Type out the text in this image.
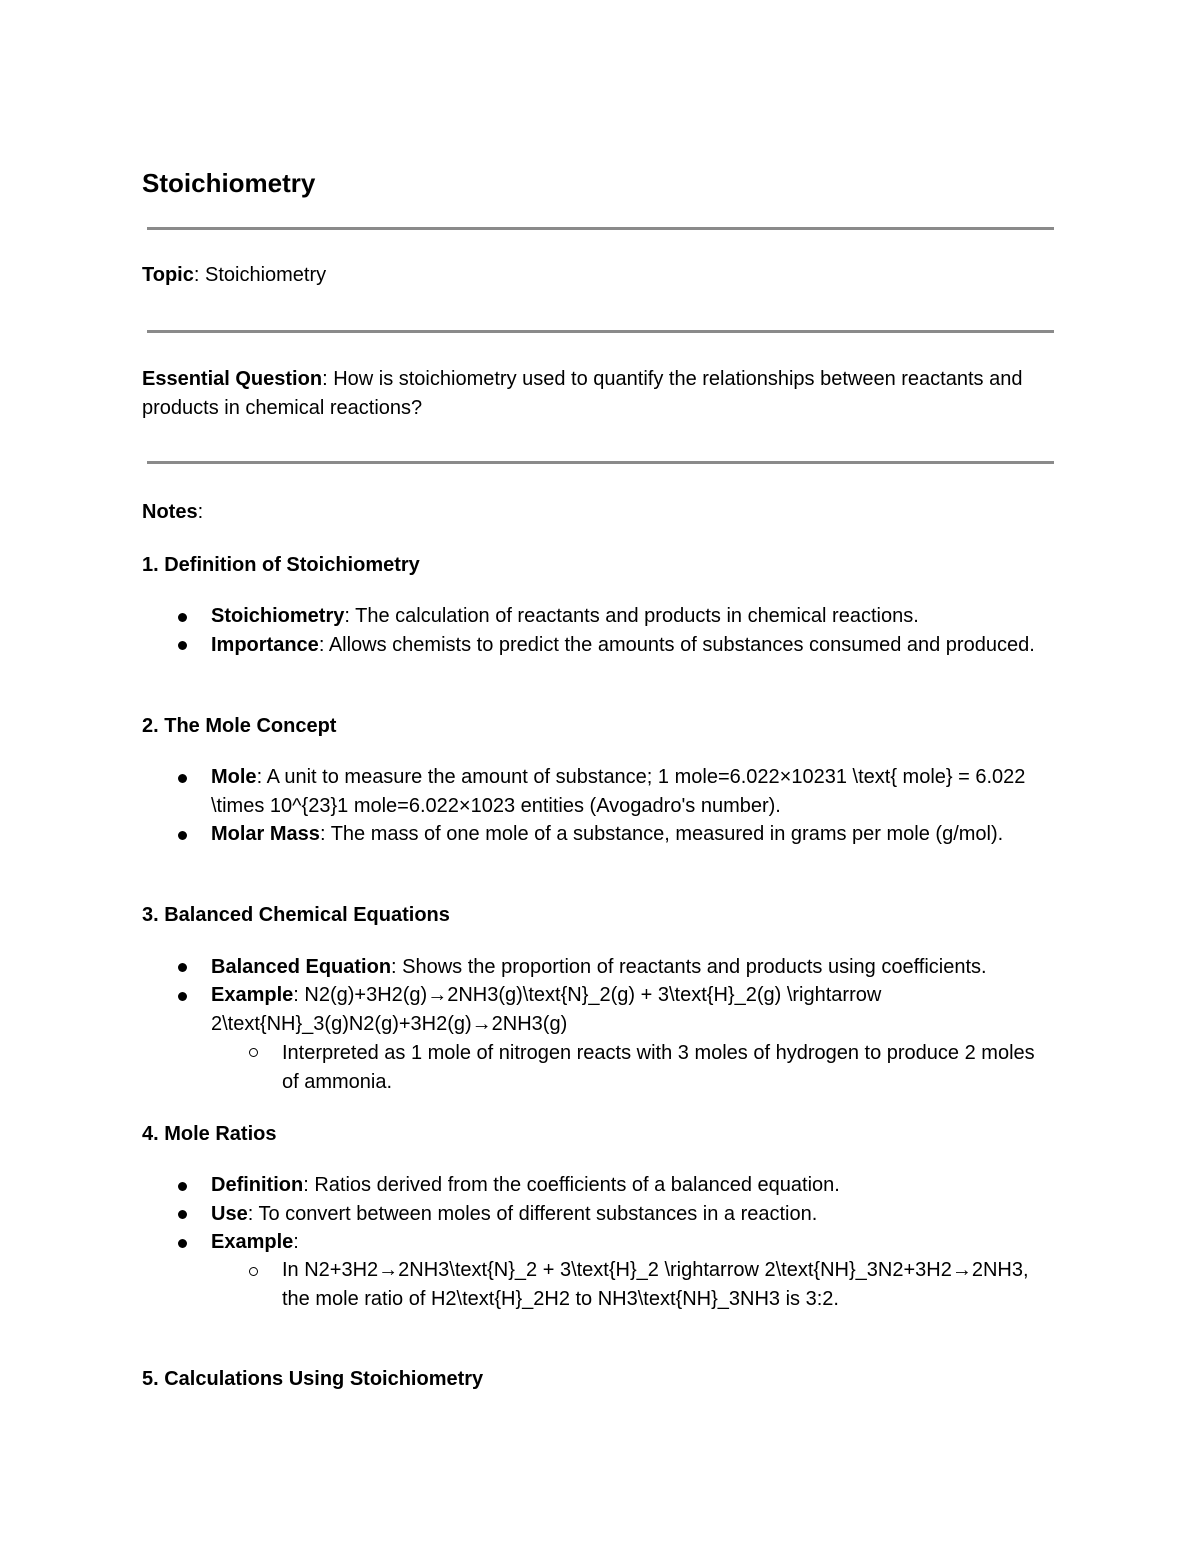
Stoichiometry
Topic: Stoichiometry
Essential Question: How is stoichiometry used to quantify the relationships between reactants and products in chemical reactions?
Notes:
1. Definition of Stoichiometry
Stoichiometry: The calculation of reactants and products in chemical reactions.
Importance: Allows chemists to predict the amounts of substances consumed and produced.
2. The Mole Concept
Mole: A unit to measure the amount of substance; 1 mole=6.022×10231 \text{ mole} = 6.022 \times 10^{23}1 mole=6.022×1023 entities (Avogadro's number).
Molar Mass: The mass of one mole of a substance, measured in grams per mole (g/mol).
3. Balanced Chemical Equations
Balanced Equation: Shows the proportion of reactants and products using coefficients.
Example: N2(g)+3H2(g)→2NH3(g)\text{N}_2(g) + 3\text{H}_2(g) \rightarrow 2\text{NH}_3(g)N2(g)+3H2(g)→2NH3(g)
Interpreted as 1 mole of nitrogen reacts with 3 moles of hydrogen to produce 2 moles of ammonia.
4. Mole Ratios
Definition: Ratios derived from the coefficients of a balanced equation.
Use: To convert between moles of different substances in a reaction.
Example:
In N2+3H2→2NH3\text{N}_2 + 3\text{H}_2 \rightarrow 2\text{NH}_3N2+3H2→2NH3, the mole ratio of H2\text{H}_2H2 to NH3\text{NH}_3NH3 is 3:2.
5. Calculations Using Stoichiometry
